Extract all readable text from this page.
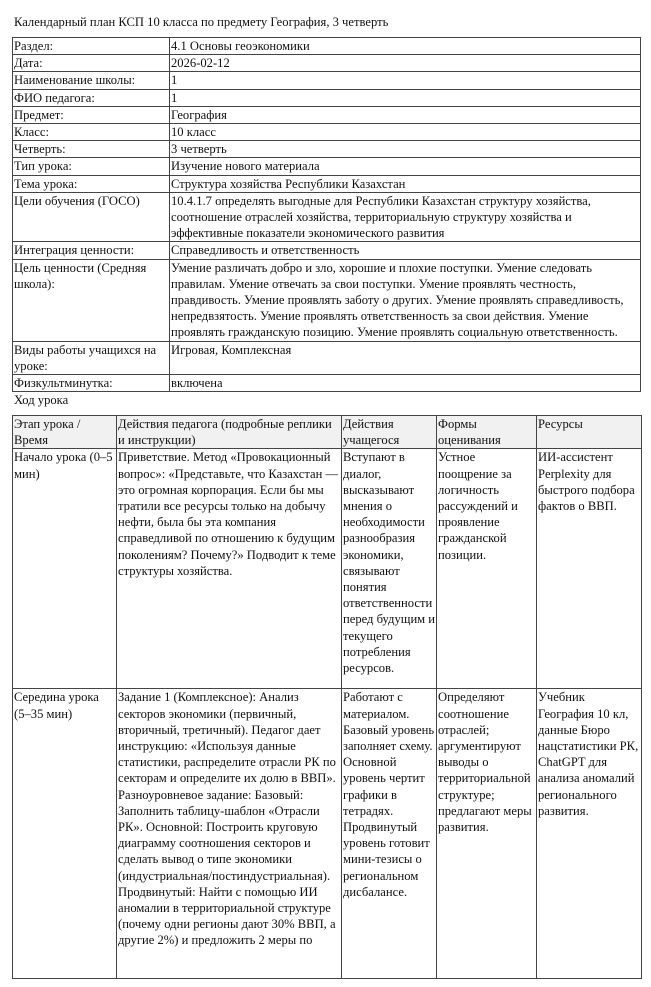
Календарный план КСП 10 класса по предмету География, 3 четверть
Раздел:	4.1 Основы геоэкономики
Дата:	2026-02-12
Наименование школы:	1
ФИО педагога:	1
Предмет:	География
Класс:	10 класс
Четверть:	3 четверть
Тип урока:	Изучение нового материала
Тема урока:	Структура хозяйства Республики Казахстан
Цели обучения (ГОСО)	10.4.1.7 определять выгодные для Республики Казахстан структуру хозяйства, соотношение отраслей хозяйства, территориальную структуру хозяйства и эффективные показатели экономического развития
Интеграция ценности:	Справедливость и ответственность
Цель ценности (Средняя школа):	Умение различать добро и зло, хорошие и плохие поступки. Умение следовать правилам. Умение отвечать за свои поступки. Умение проявлять честность, правдивость. Умение проявлять заботу о других. Умение проявлять справедливость, непредвзятость. Умение проявлять ответственность за свои действия. Умение проявлять гражданскую позицию. Умение проявлять социальную ответственность.
Виды работы учащихся на уроке:	Игровая, Комплексная
Физкультминутка:	включена
Ход урока
Этап урока / Время	Действия педагога (подробные реплики и инструкции)	Действия учащегося	Формы оценивания	Ресурсы
Начало урока (0–5 мин)	Приветствие. Метод «Провокационный вопрос»: «Представьте, что Казахстан — это огромная корпорация. Если бы мы тратили все ресурсы только на добычу нефти, была бы эта компания справедливой по отношению к будущим поколениям? Почему?» Подводит к теме структуры хозяйства.	Вступают в диалог, высказывают мнения о необходимости разнообразия экономики, связывают понятия ответственности перед будущим и текущего потребления ресурсов.	Устное поощрение за логичность рассуждений и проявление гражданской позиции.	ИИ-ассистент Perplexity для быстрого подбора фактов о ВВП.

Середина урока (5–35 мин)	Задание 1 (Комплексное): Анализ секторов экономики (первичный, вторичный, третичный). Педагог дает инструкцию: «Используя данные статистики, распределите отрасли РК по секторам и определите их долю в ВВП». Разноуровневое задание: Базовый: Заполнить таблицу-шаблон «Отрасли РК». Основной: Построить круговую диаграмму соотношения секторов и сделать вывод о типе экономики (индустриальная/постиндустриальная). Продвинутый: Найти с помощью ИИ аномалии в территориальной структуре (почему одни регионы дают 30% ВВП, а другие 2%) и предложить 2 меры по	Работают с материалом. Базовый уровень заполняет схему. Основной уровень чертит графики в тетрадях. Продвинутый уровень готовит мини-тезисы о региональном дисбалансе.	Определяют соотношение отраслей; аргументируют выводы о территориальной структуре; предлагают меры развития.	Учебник География 10 кл, данные Бюро нацстатистики РК, ChatGPT для анализа аномалий регионального развития.
